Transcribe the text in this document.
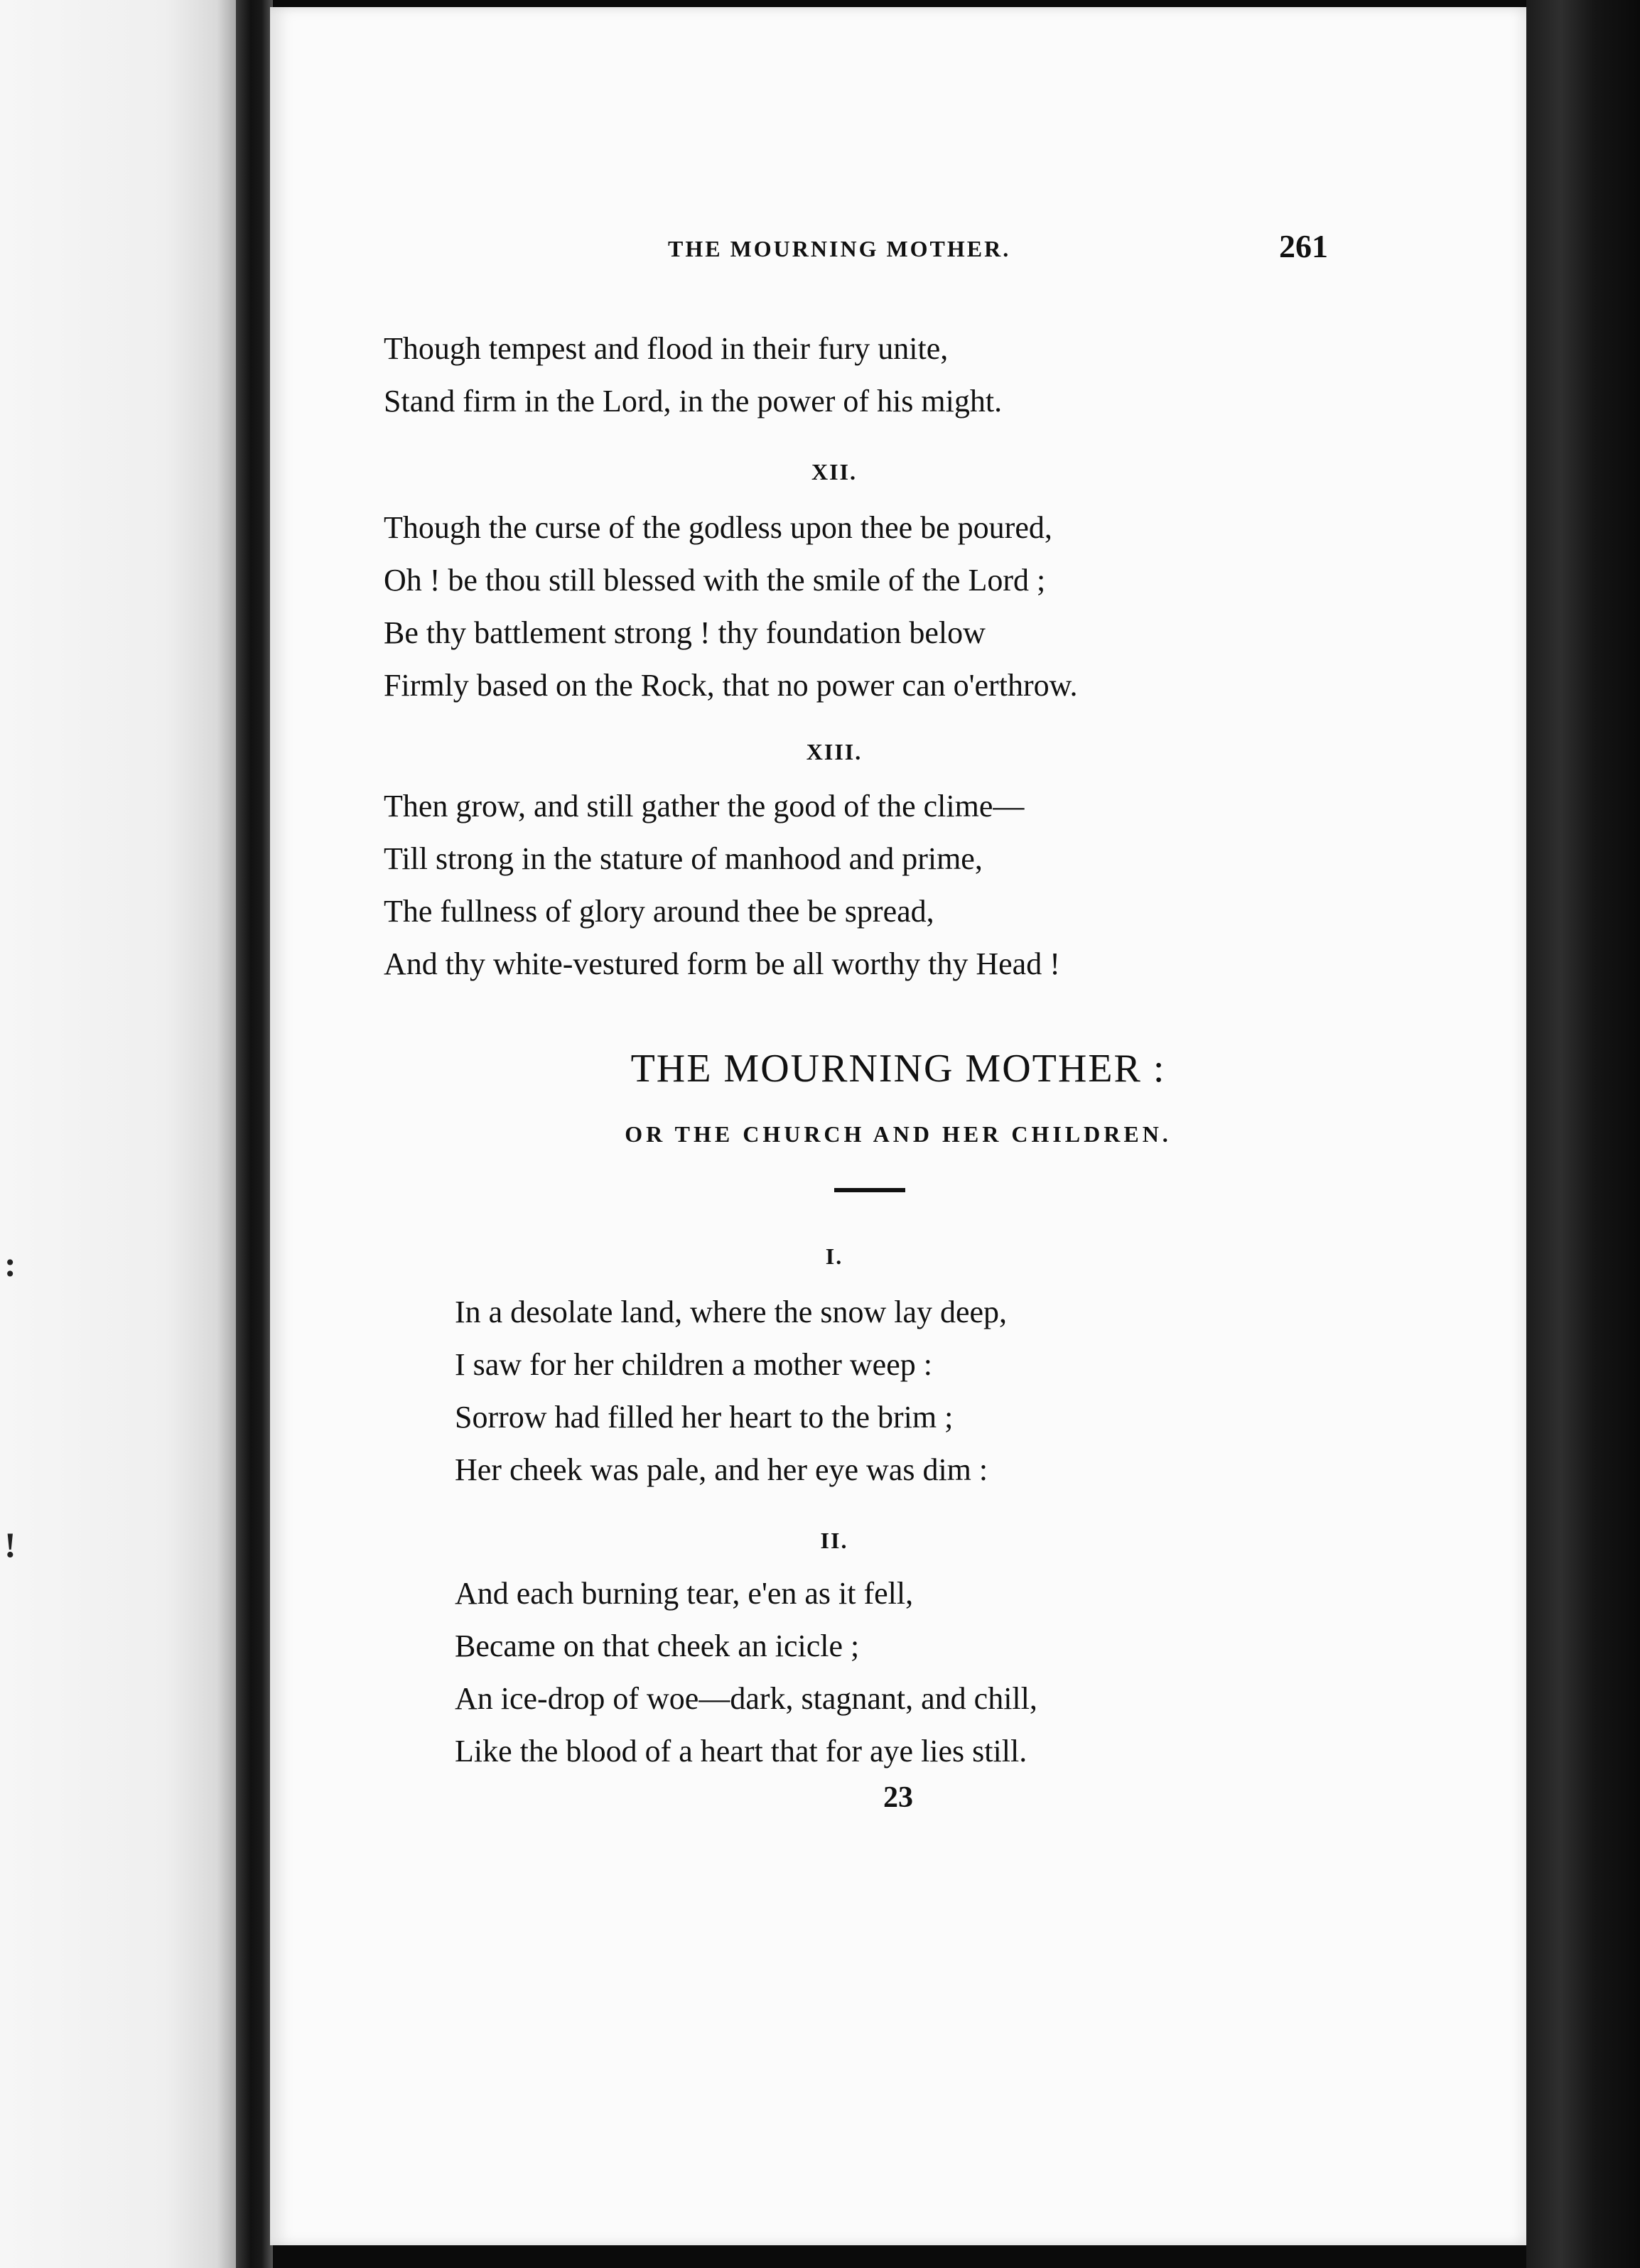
:
!
THE MOURNING MOTHER.	261
Though tempest and flood in their fury unite,
Stand firm in the Lord, in the power of his might.
XII.
Though the curse of the godless upon thee be poured,
Oh ! be thou still blessed with the smile of the Lord ;
Be thy battlement strong ! thy foundation below
Firmly based on the Rock, that no power can o'erthrow.
XIII.
Then grow, and still gather the good of the clime—
Till strong in the stature of manhood and prime,
The fullness of glory around thee be spread,
And thy white-vestured form be all worthy thy Head !
THE MOURNING MOTHER :
OR THE CHURCH AND HER CHILDREN.
I.
In a desolate land, where the snow lay deep,
I saw for her children a mother weep :
Sorrow had filled her heart to the brim ;
Her cheek was pale, and her eye was dim :
II.
And each burning tear, e'en as it fell,
Became on that cheek an icicle ;
An ice-drop of woe—dark, stagnant, and chill,
Like the blood of a heart that for aye lies still.
23
